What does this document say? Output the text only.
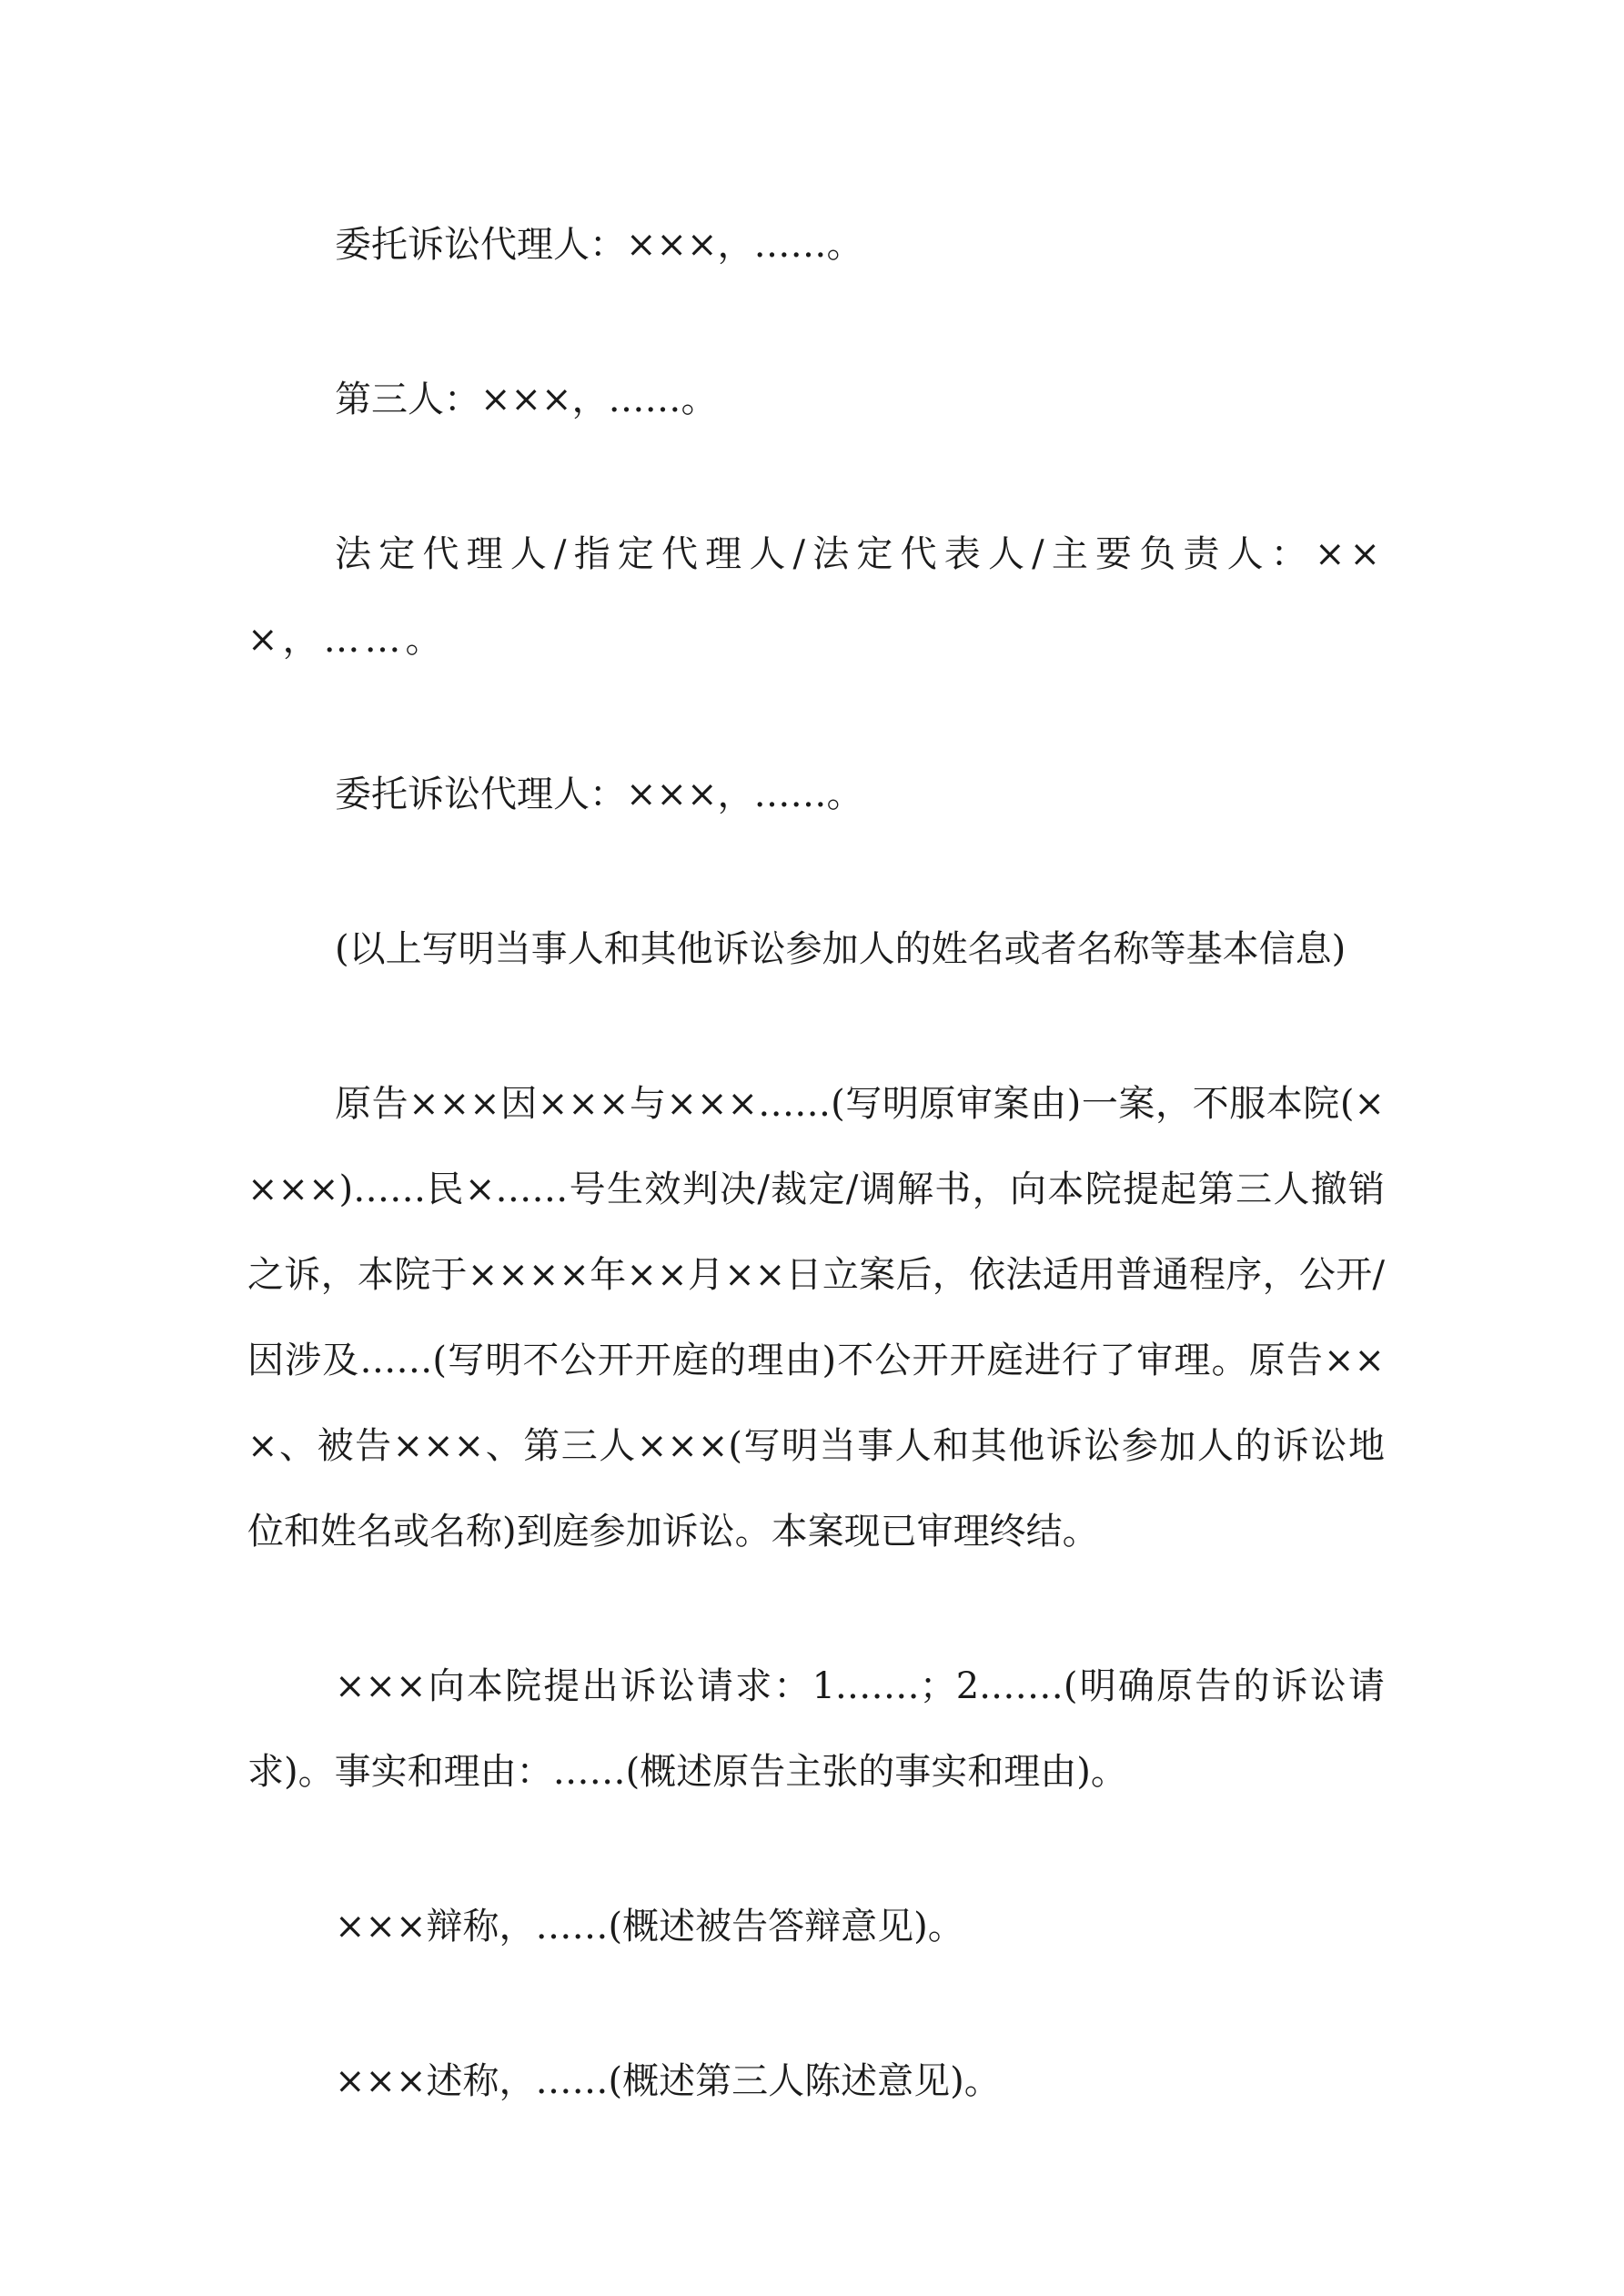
委托诉讼代理人：×××，……。

第三人：×××，……。

法定代理人/指定代理人/法定代表人/主要负责人：×××，……。

委托诉讼代理人：×××，……。

(以上写明当事人和其他诉讼参加人的姓名或者名称等基本信息)

原告×××因×××与×××……(写明原审案由)一案，不服本院(××××)……民×……号生效判决/裁定/调解书，向本院提起第三人撤销之诉，本院于××××年××月××日立案后，依法适用普通程序，公开/因涉及……(写明不公开开庭的理由)不公开开庭进行了审理。原告×××、被告×××、第三人×××(写明当事人和其他诉讼参加人的诉讼地位和姓名或名称)到庭参加诉讼。本案现已审理终结。

×××向本院提出诉讼请求：1.……；2.……(明确原告的诉讼请求)。事实和理由：……(概述原告主张的事实和理由)。

×××辩称，……(概述被告答辩意见)。

×××述称，……(概述第三人陈述意见)。
